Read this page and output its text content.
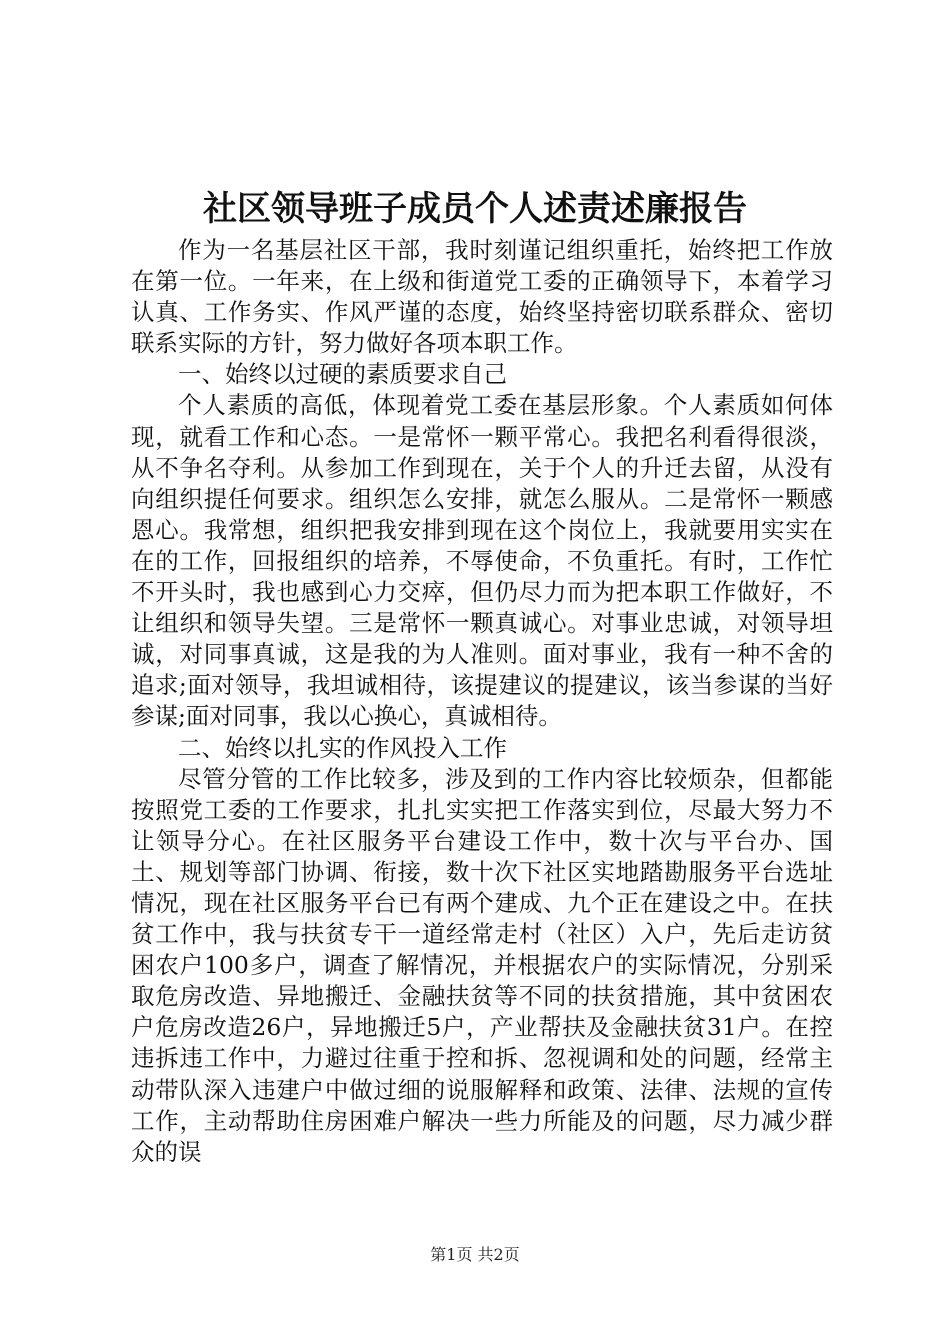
社区领导班子成员个人述责述廉报告

作为一名基层社区干部，我时刻谨记组织重托，始终把工作放在第一位。一年来，在上级和街道党工委的正确领导下，本着学习认真、工作务实、作风严谨的态度，始终坚持密切联系群众、密切联系实际的方针，努力做好各项本职工作。

一、始终以过硬的素质要求自己

个人素质的高低，体现着党工委在基层形象。个人素质如何体现，就看工作和心态。一是常怀一颗平常心。我把名利看得很淡，从不争名夺利。从参加工作到现在，关于个人的升迁去留，从没有向组织提任何要求。组织怎么安排，就怎么服从。二是常怀一颗感恩心。我常想，组织把我安排到现在这个岗位上，我就要用实实在在的工作，回报组织的培养，不辱使命，不负重托。有时，工作忙不开头时，我也感到心力交瘁，但仍尽力而为把本职工作做好，不让组织和领导失望。三是常怀一颗真诚心。对事业忠诚，对领导坦诚，对同事真诚，这是我的为人准则。面对事业，我有一种不舍的追求;面对领导，我坦诚相待，该提建议的提建议，该当参谋的当好参谋;面对同事，我以心换心，真诚相待。

二、始终以扎实的作风投入工作

尽管分管的工作比较多，涉及到的工作内容比较烦杂，但都能按照党工委的工作要求，扎扎实实把工作落实到位，尽最大努力不让领导分心。在社区服务平台建设工作中，数十次与平台办、国土、规划等部门协调、衔接，数十次下社区实地踏勘服务平台选址情况，现在社区服务平台已有两个建成、九个正在建设之中。在扶贫工作中，我与扶贫专干一道经常走村（社区）入户，先后走访贫困农户100多户，调查了解情况，并根据农户的实际情况，分别采取危房改造、异地搬迁、金融扶贫等不同的扶贫措施，其中贫困农户危房改造26户，异地搬迁5户，产业帮扶及金融扶贫31户。在控违拆违工作中，力避过往重于控和拆、忽视调和处的问题，经常主动带队深入违建户中做过细的说服解释和政策、法律、法规的宣传工作，主动帮助住房困难户解决一些力所能及的问题，尽力减少群众的误

第1页 共2页
